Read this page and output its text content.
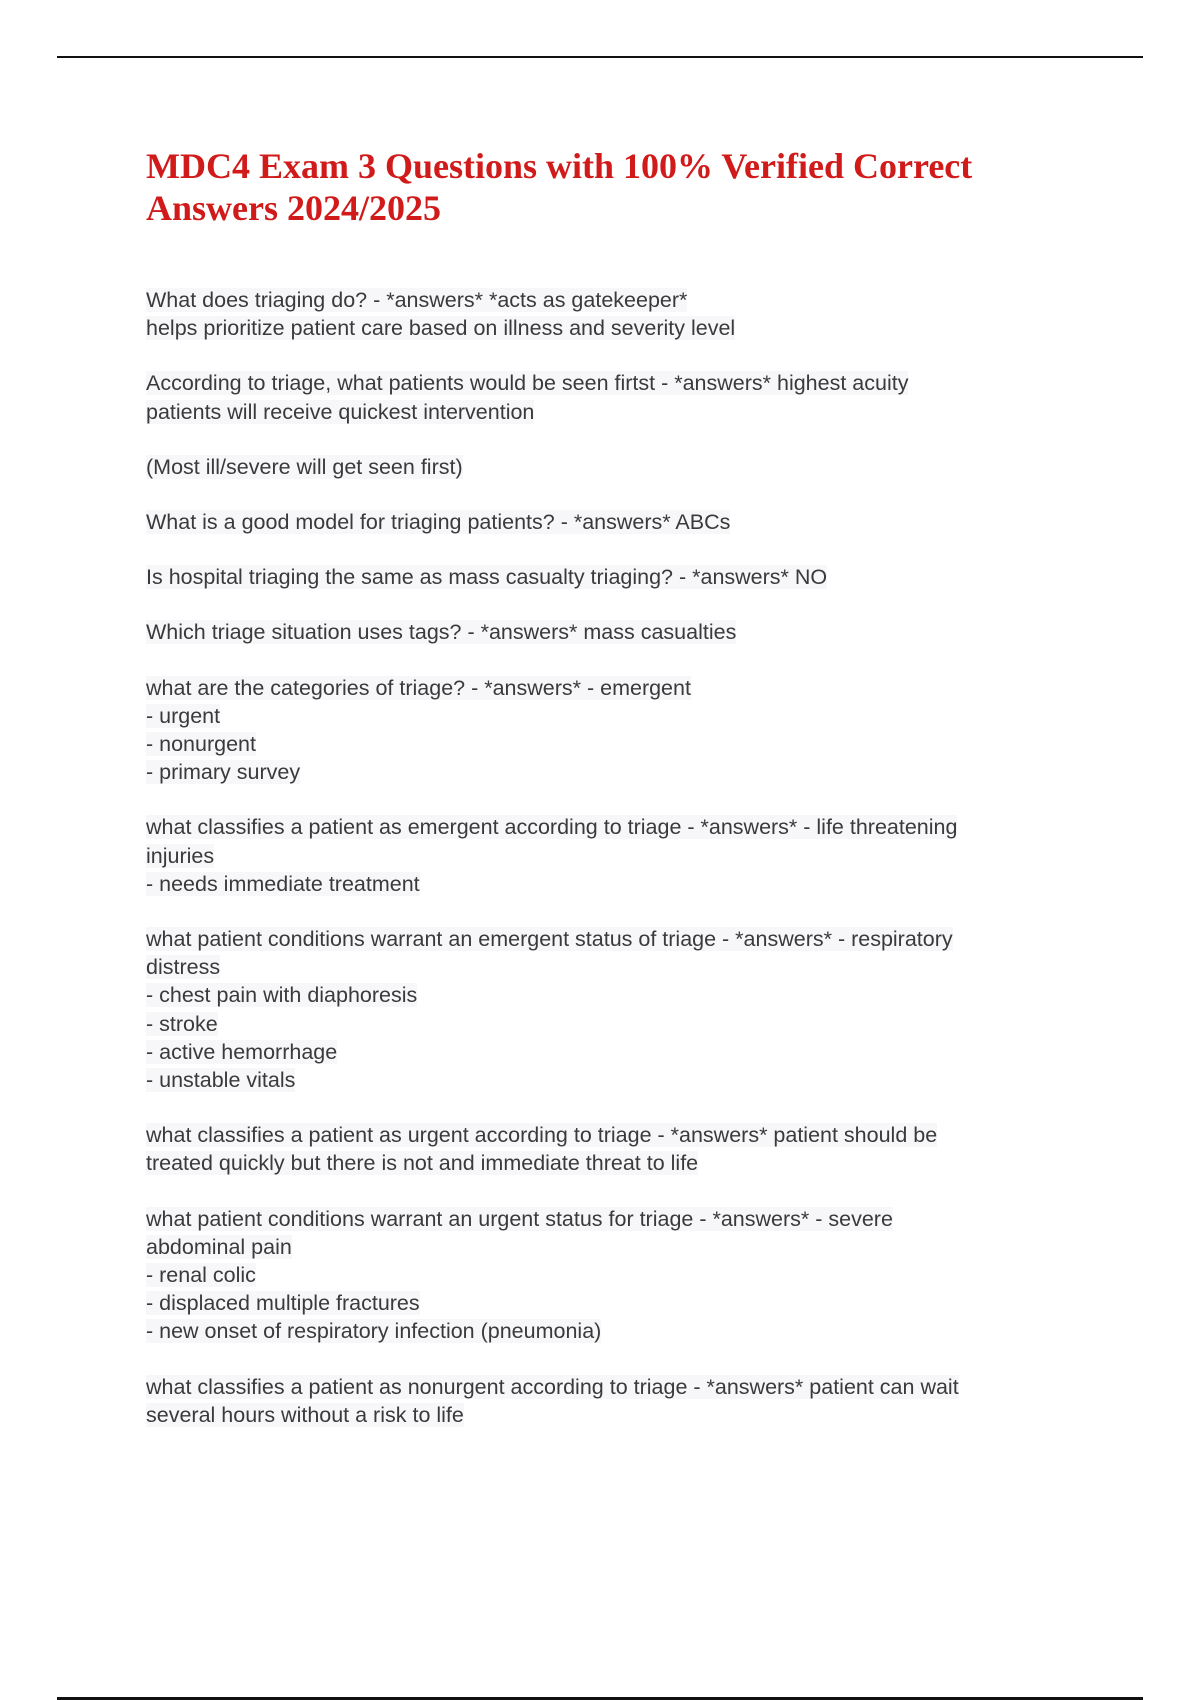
MDC4 Exam 3 Questions with 100% Verified Correct
Answers 2024/2025

What does triaging do? - *answers* *acts as gatekeeper*
helps prioritize patient care based on illness and severity level

According to triage, what patients would be seen firtst - *answers* highest acuity
patients will receive quickest intervention

(Most ill/severe will get seen first)

What is a good model for triaging patients? - *answers* ABCs

Is hospital triaging the same as mass casualty triaging? - *answers* NO

Which triage situation uses tags? - *answers* mass casualties

what are the categories of triage? - *answers* - emergent
- urgent
- nonurgent
- primary survey

what classifies a patient as emergent according to triage - *answers* - life threatening
injuries
- needs immediate treatment

what patient conditions warrant an emergent status of triage - *answers* - respiratory
distress
- chest pain with diaphoresis
- stroke
- active hemorrhage
- unstable vitals

what classifies a patient as urgent according to triage - *answers* patient should be
treated quickly but there is not and immediate threat to life

what patient conditions warrant an urgent status for triage - *answers* - severe
abdominal pain
- renal colic
- displaced multiple fractures
- new onset of respiratory infection (pneumonia)

what classifies a patient as nonurgent according to triage - *answers* patient can wait
several hours without a risk to life
